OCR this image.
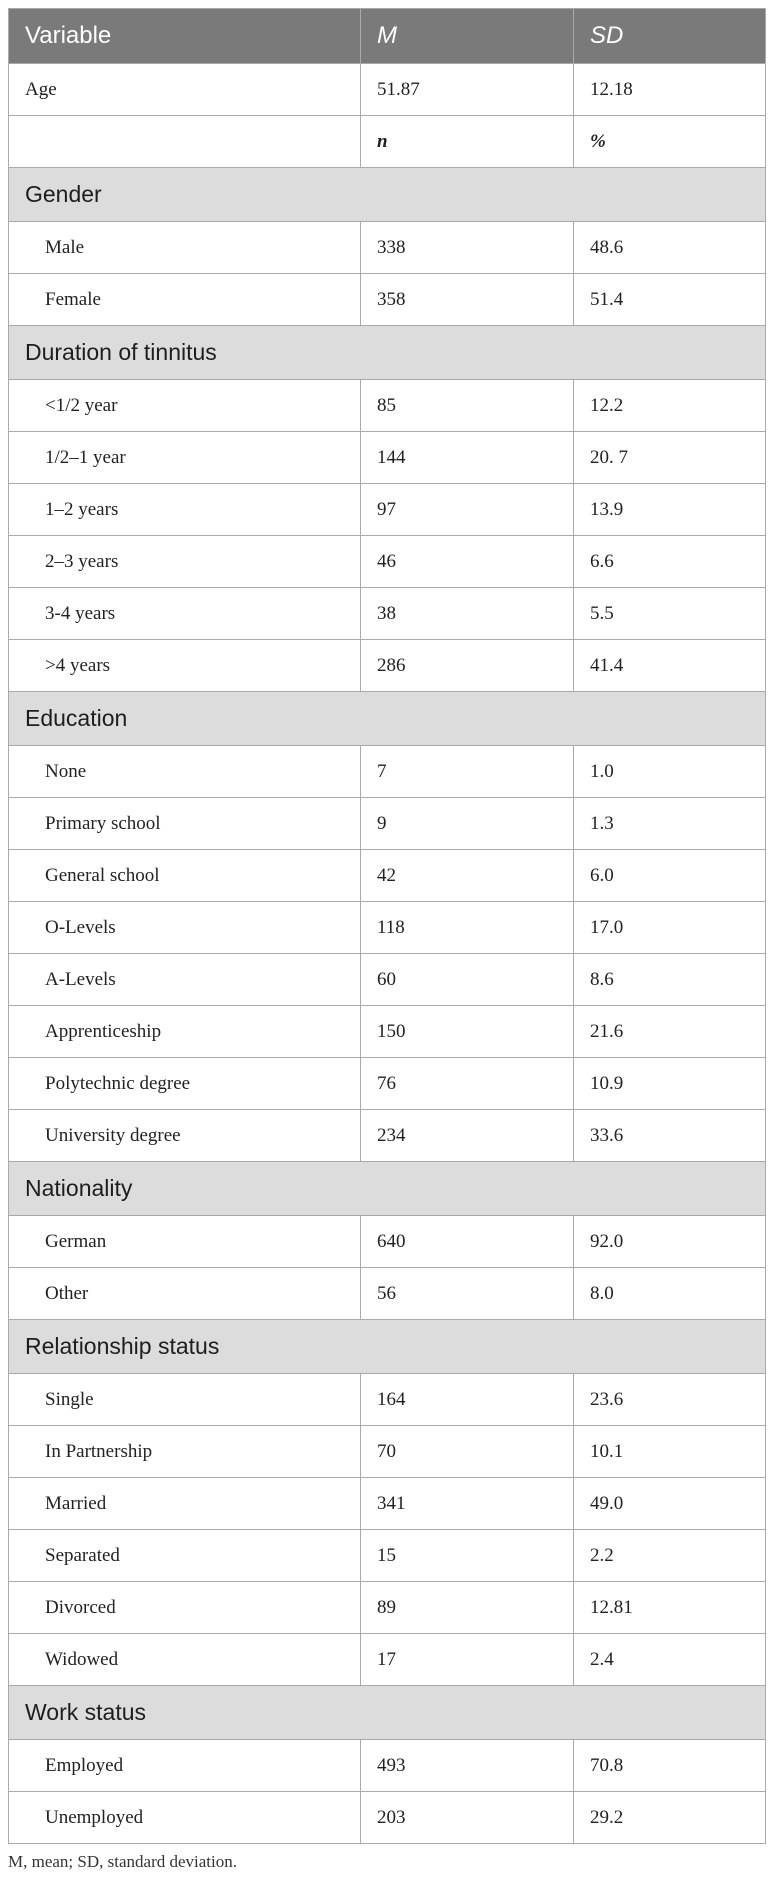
Variable	M	SD
Age	51.87	12.18
	n	%
Gender		
Male	338	48.6
Female	358	51.4
Duration of tinnitus		
<1/2 year	85	12.2
1/2–1 year	144	20. 7
1–2 years	97	13.9
2–3 years	46	6.6
3-4 years	38	5.5
>4 years	286	41.4
Education		
None	7	1.0
Primary school	9	1.3
General school	42	6.0
O-Levels	118	17.0
A-Levels	60	8.6
Apprenticeship	150	21.6
Polytechnic degree	76	10.9
University degree	234	33.6
Nationality		
German	640	92.0
Other	56	8.0
Relationship status		
Single	164	23.6
In Partnership	70	10.1
Married	341	49.0
Separated	15	2.2
Divorced	89	12.81
Widowed	17	2.4
Work status		
Employed	493	70.8
Unemployed	203	29.2
M, mean; SD, standard deviation.
